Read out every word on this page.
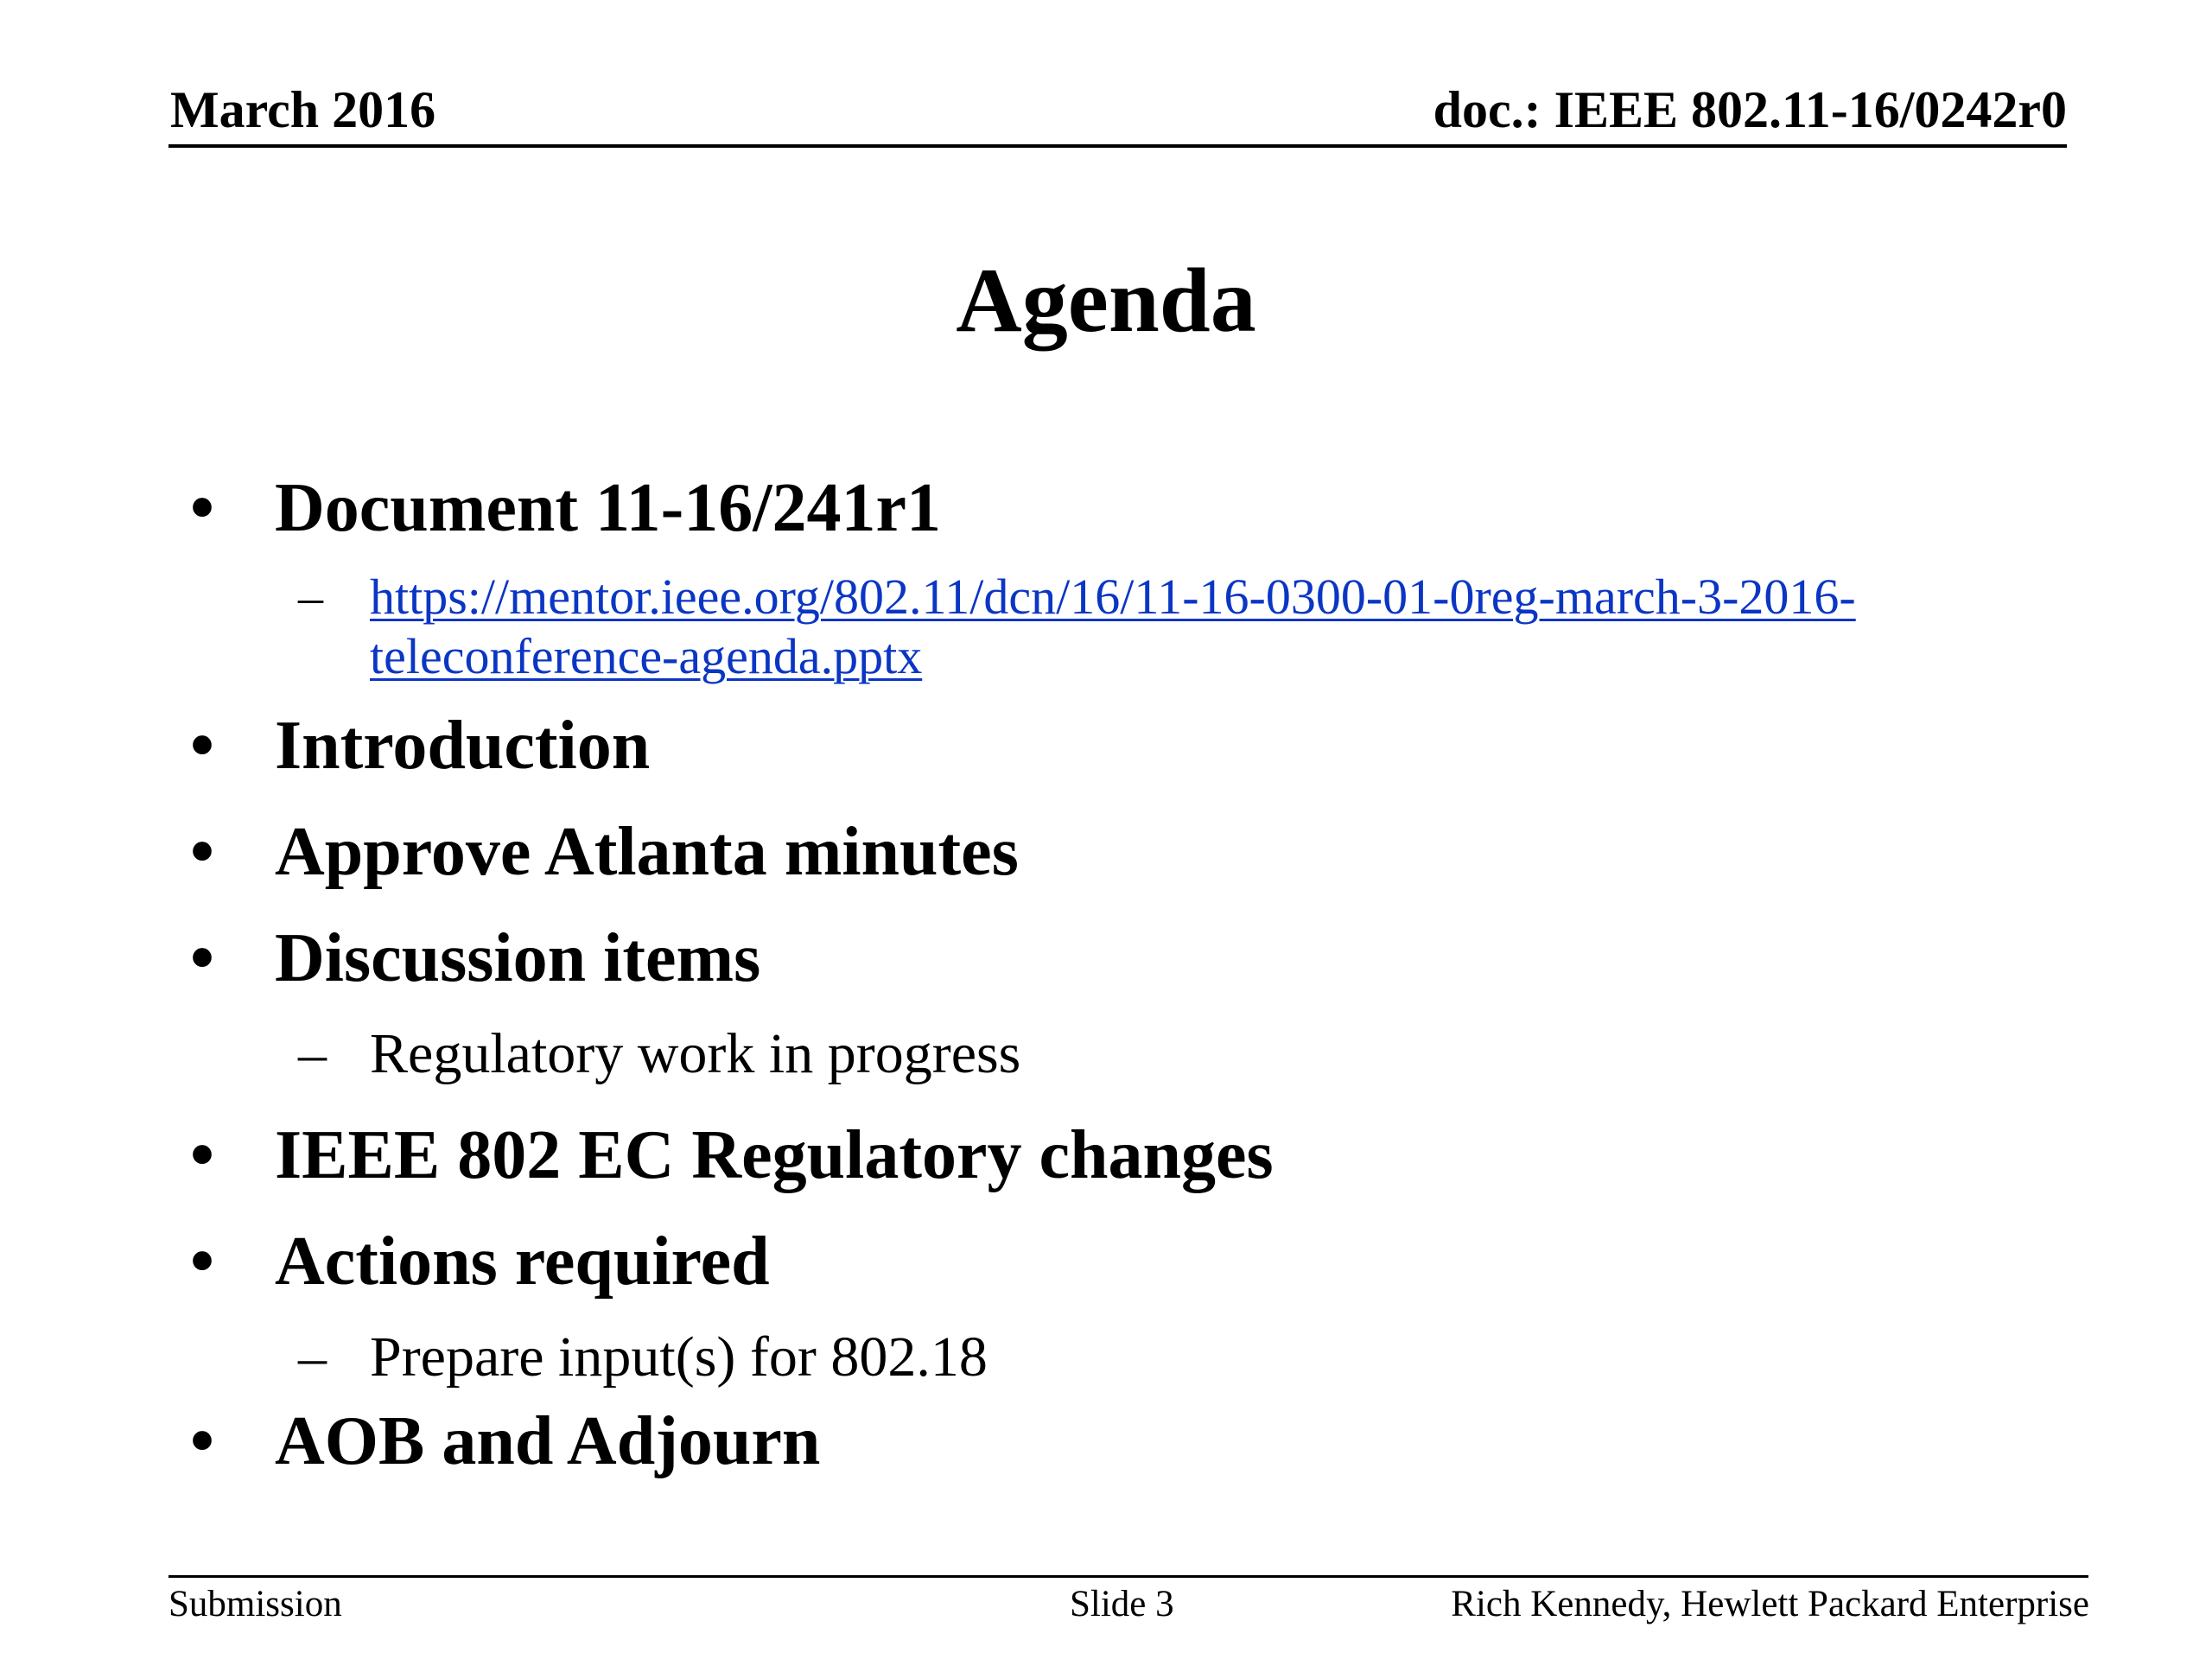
March 2016	doc.: IEEE 802.11-16/0242r0
Agenda
• Document 11-16/241r1
– https://mentor.ieee.org/802.11/dcn/16/11-16-0300-01-0reg-march-3-2016-
teleconference-agenda.pptx
• Introduction
• Approve Atlanta minutes
• Discussion items
– Regulatory work in progress
• IEEE 802 EC Regulatory changes
• Actions required
– Prepare input(s) for 802.18
• AOB and Adjourn
Submission	Slide 3	Rich Kennedy, Hewlett Packard Enterprise
